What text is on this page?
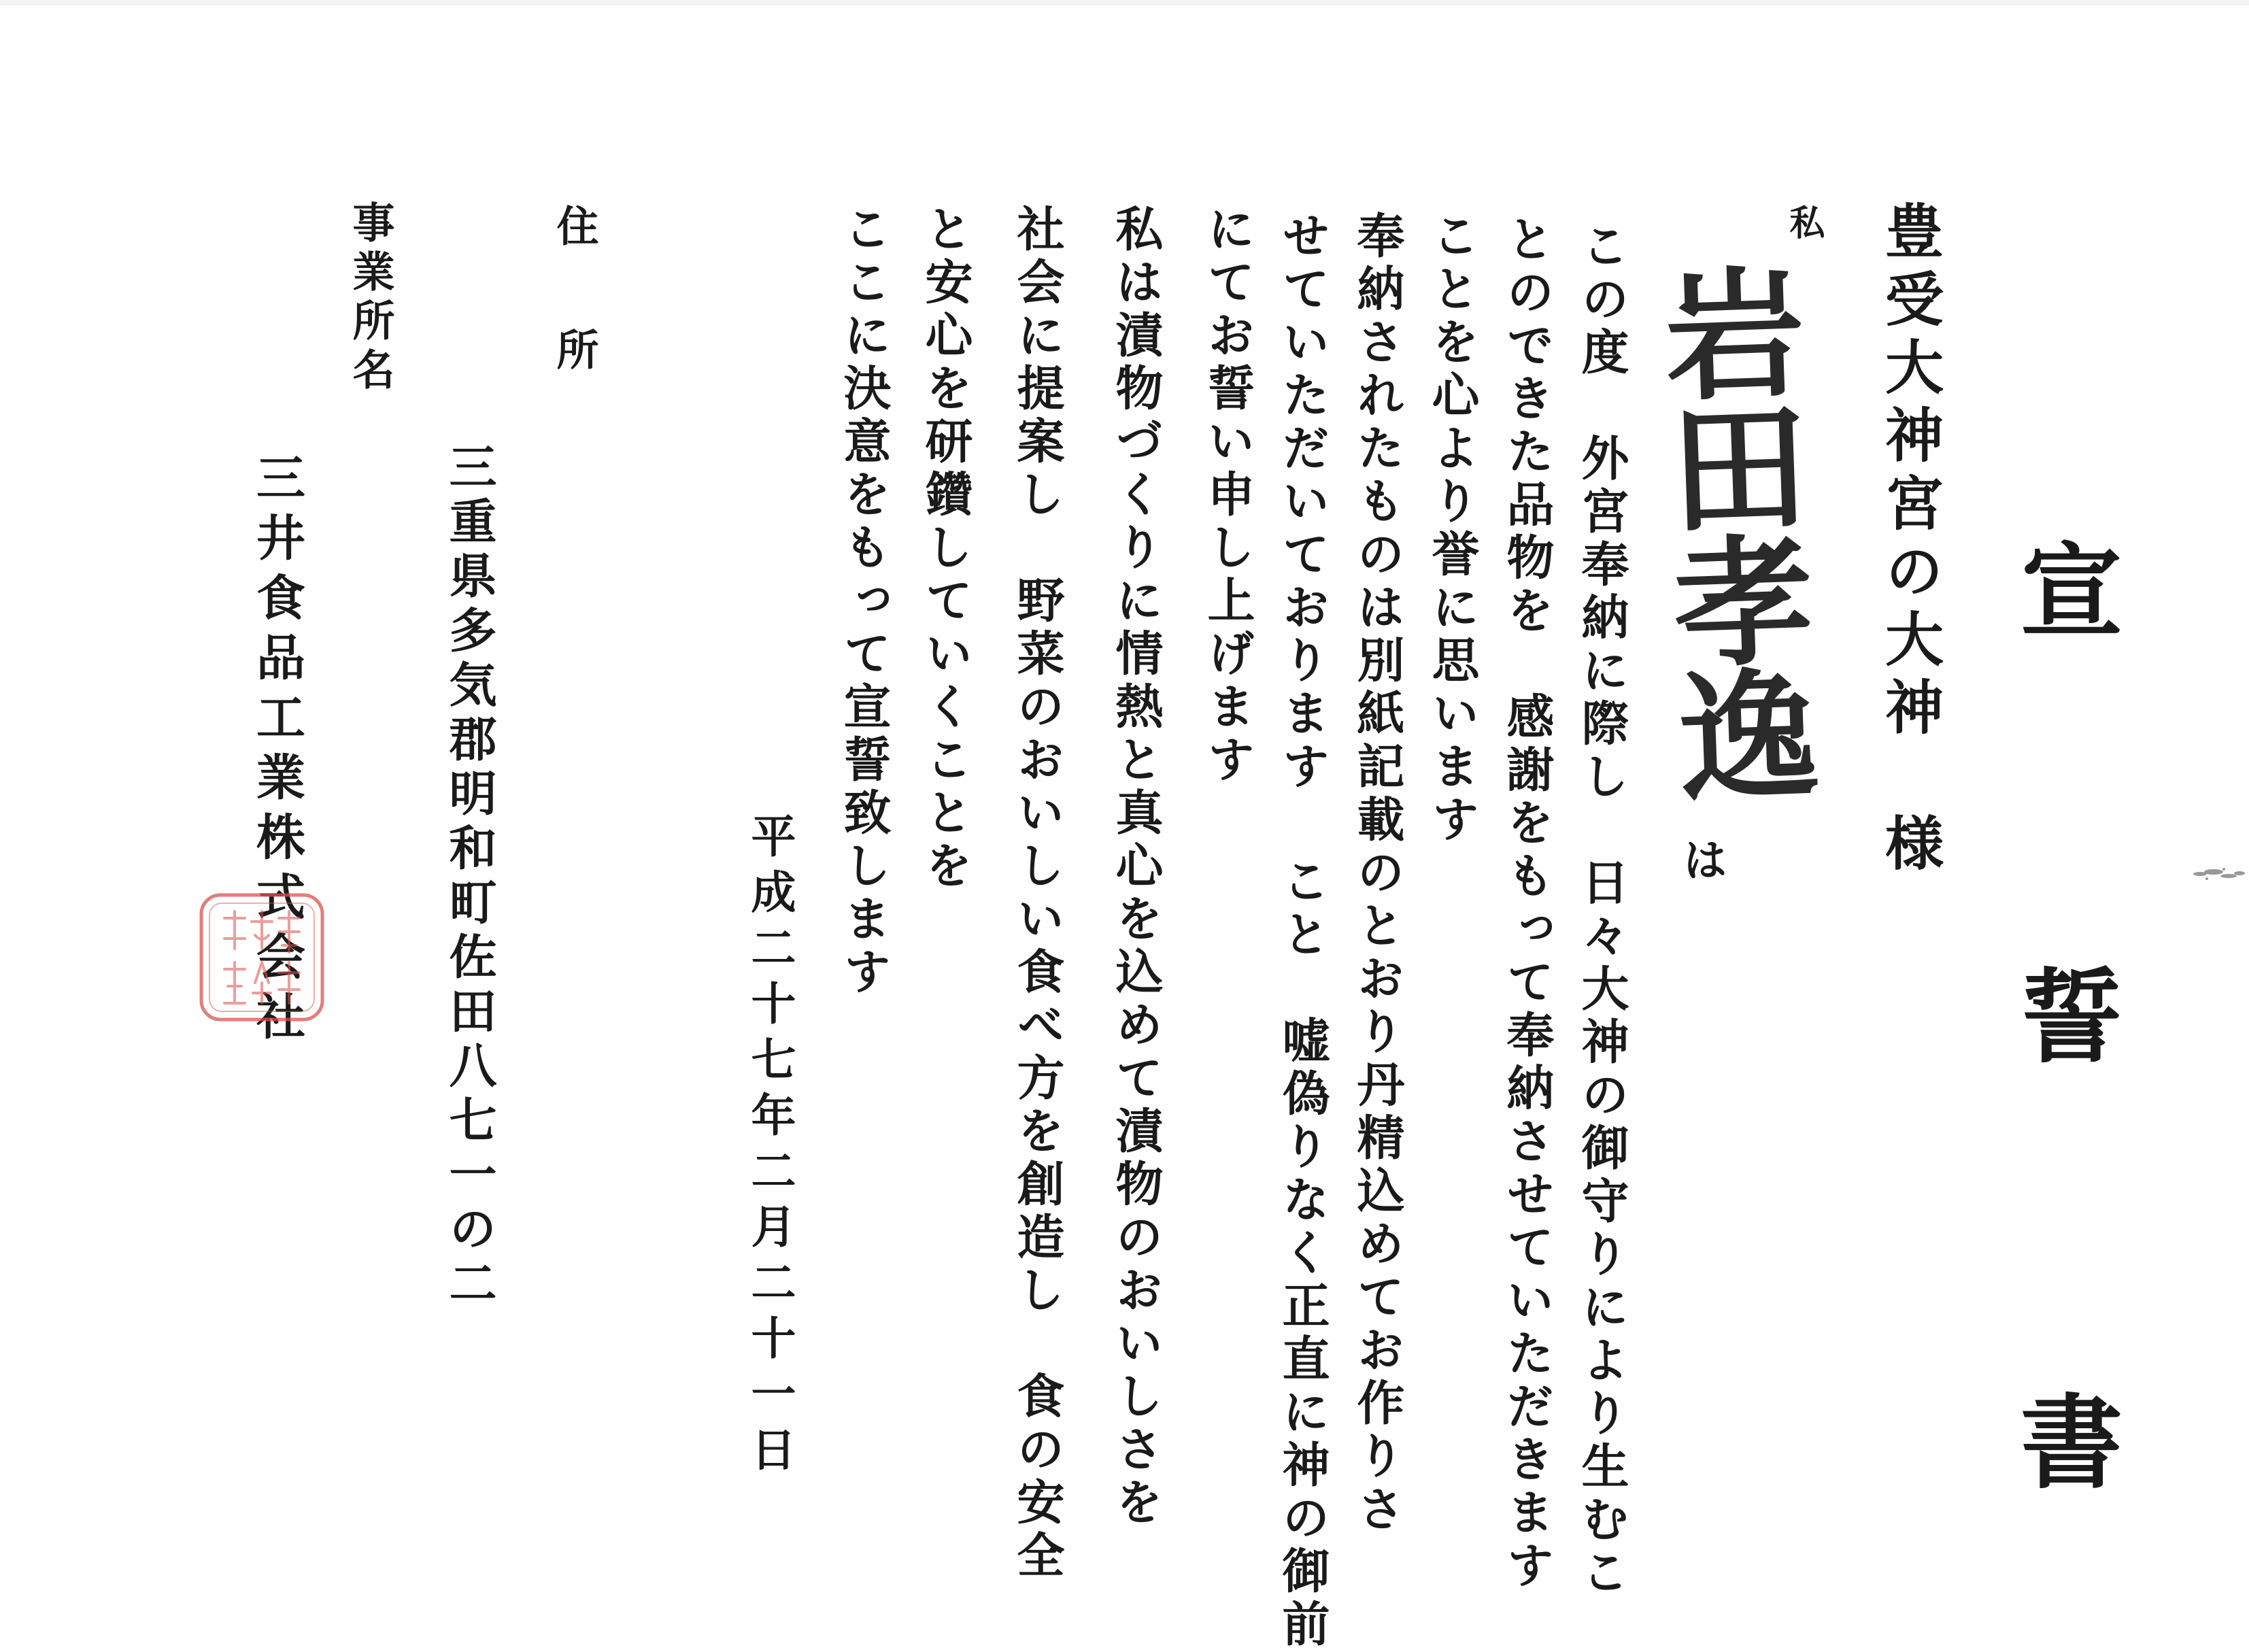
宣 誓 書
豊受大神宮の大神　様
私
岩田孝逸
は
この度　外宮奉納に際し　日々大神の御守りにより生むこ
とのできた品物を　感謝をもって奉納させていただきます
ことを心より誉に思います
奉納されたものは別紙記載のとおり丹精込めてお作りさ
せていただいております こと　嘘偽りなく正直に神の御前
にてお誓い申し上げます
私は漬物づくりに情熱と真心を込めて漬物のおいしさを
社会に提案し　野菜のおいしい食べ方を創造し　食の安全
と安心を研鑽していくことを
ここに決意をもって宣誓致します
平成二十七年二月二十一日
住所
三重県多気郡明和町佐田八七一の二
事業所名
三井食品工業株式会社
